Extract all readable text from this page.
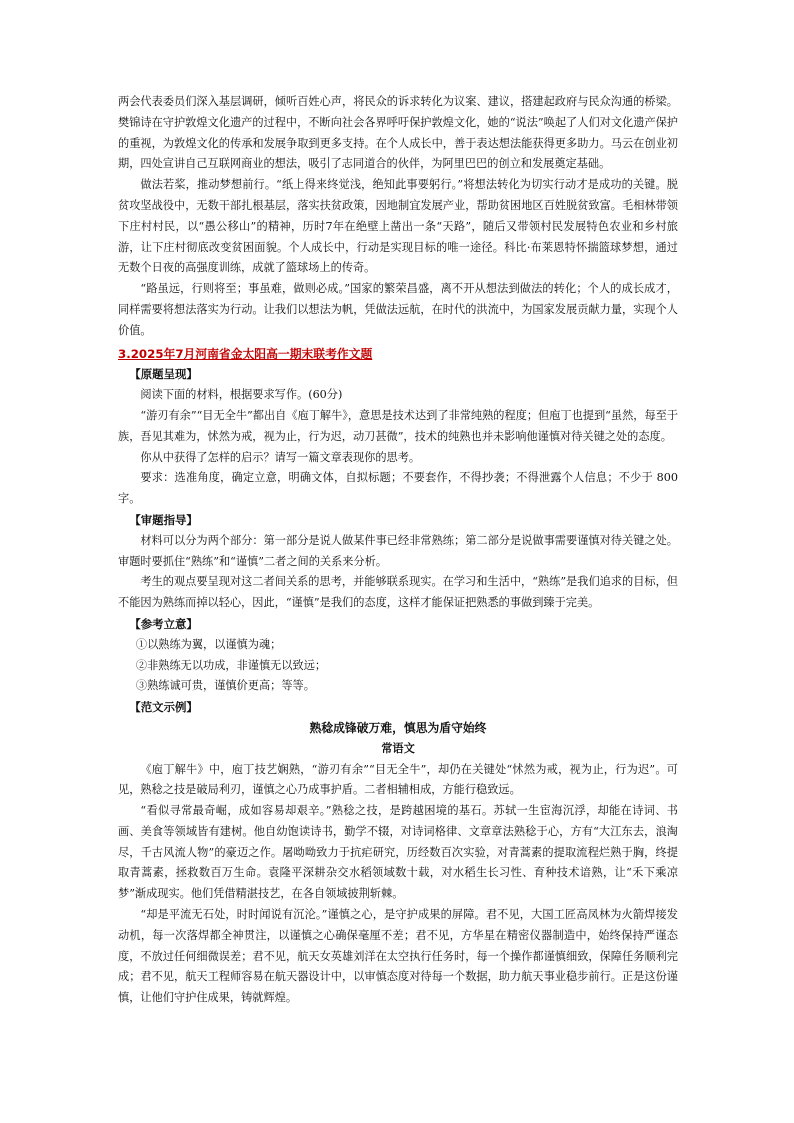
两会代表委员们深入基层调研，倾听百姓心声，将民众的诉求转化为议案、建议，搭建起政府与民众沟通的桥梁。樊锦诗在守护敦煌文化遗产的过程中，不断向社会各界呼吁保护敦煌文化，她的“说法”唤起了人们对文化遗产保护的重视，为敦煌文化的传承和发展争取到更多支持。在个人成长中，善于表达想法能获得更多助力。马云在创业初期，四处宣讲自己互联网商业的想法，吸引了志同道合的伙伴，为阿里巴巴的创立和发展奠定基础。

做法若桨，推动梦想前行。“纸上得来终觉浅，绝知此事要躬行。”将想法转化为切实行动才是成功的关键。脱贫攻坚战役中，无数干部扎根基层，落实扶贫政策，因地制宜发展产业，帮助贫困地区百姓脱贫致富。毛相林带领下庄村村民，以“愚公移山”的精神，历时7年在绝壁上凿出一条“天路”，随后又带领村民发展特色农业和乡村旅游，让下庄村彻底改变贫困面貌。个人成长中，行动是实现目标的唯一途径。科比·布莱恩特怀揣篮球梦想，通过无数个日夜的高强度训练，成就了篮球场上的传奇。

“路虽远，行则将至；事虽难，做则必成。”国家的繁荣昌盛，离不开从想法到做法的转化；个人的成长成才，同样需要将想法落实为行动。让我们以想法为帆，凭做法远航，在时代的洪流中，为国家发展贡献力量，实现个人价值。

3.2025年7月河南省金太阳高一期末联考作文题

【原题呈现】

阅读下面的材料，根据要求写作。(60分)

“游刃有余”“目无全牛”都出自《庖丁解牛》，意思是技术达到了非常纯熟的程度；但庖丁也提到“虽然，每至于族，吾见其难为，怵然为戒，视为止，行为迟，动刀甚微”，技术的纯熟也并未影响他谨慎对待关键之处的态度。

你从中获得了怎样的启示？请写一篇文章表现你的思考。

要求：选准角度，确定立意，明确文体，自拟标题；不要套作，不得抄袭；不得泄露个人信息；不少于 800 字。

【审题指导】

材料可以分为两个部分：第一部分是说人做某件事已经非常熟练；第二部分是说做事需要谨慎对待关键之处。审题时要抓住“熟练”和“谨慎”二者之间的关系来分析。

考生的观点要呈现对这二者间关系的思考，并能够联系现实。在学习和生活中，“熟练”是我们追求的目标，但不能因为熟练而掉以轻心，因此，“谨慎”是我们的态度，这样才能保证把熟悉的事做到臻于完美。

【参考立意】

①以熟练为翼，以谨慎为魂；

②非熟练无以功成，非谨慎无以致远；

③熟练诚可贵，谨慎价更高；等等。

【范文示例】

熟稔成锋破万难，慎思为盾守始终

常语文

《庖丁解牛》中，庖丁技艺娴熟，“游刃有余”“目无全牛”，却仍在关键处“怵然为戒，视为止，行为迟”。可见，熟稔之技是破局利刃，谨慎之心乃成事护盾。二者相辅相成，方能行稳致远。

“看似寻常最奇崛，成如容易却艰辛。”熟稔之技，是跨越困境的基石。苏轼一生宦海沉浮，却能在诗词、书画、美食等领域皆有建树。他自幼饱读诗书，勤学不辍，对诗词格律、文章章法熟稔于心，方有“大江东去，浪淘尽，千古风流人物”的豪迈之作。屠呦呦致力于抗疟研究，历经数百次实验，对青蒿素的提取流程烂熟于胸，终提取青蒿素，拯救数百万生命。袁隆平深耕杂交水稻领域数十载，对水稻生长习性、育种技术谙熟，让“禾下乘凉梦”渐成现实。他们凭借精湛技艺，在各自领域披荆斩棘。

“却是平流无石处，时时闻说有沉沦。”谨慎之心，是守护成果的屏障。君不见，大国工匠高凤林为火箭焊接发动机，每一次落焊都全神贯注，以谨慎之心确保毫厘不差；君不见，方华星在精密仪器制造中，始终保持严谨态度，不放过任何细微误差；君不见，航天女英雄刘洋在太空执行任务时，每一个操作都谨慎细致，保障任务顺利完成；君不见，航天工程师容易在航天器设计中，以审慎态度对待每一个数据，助力航天事业稳步前行。正是这份谨慎，让他们守护住成果，铸就辉煌。
